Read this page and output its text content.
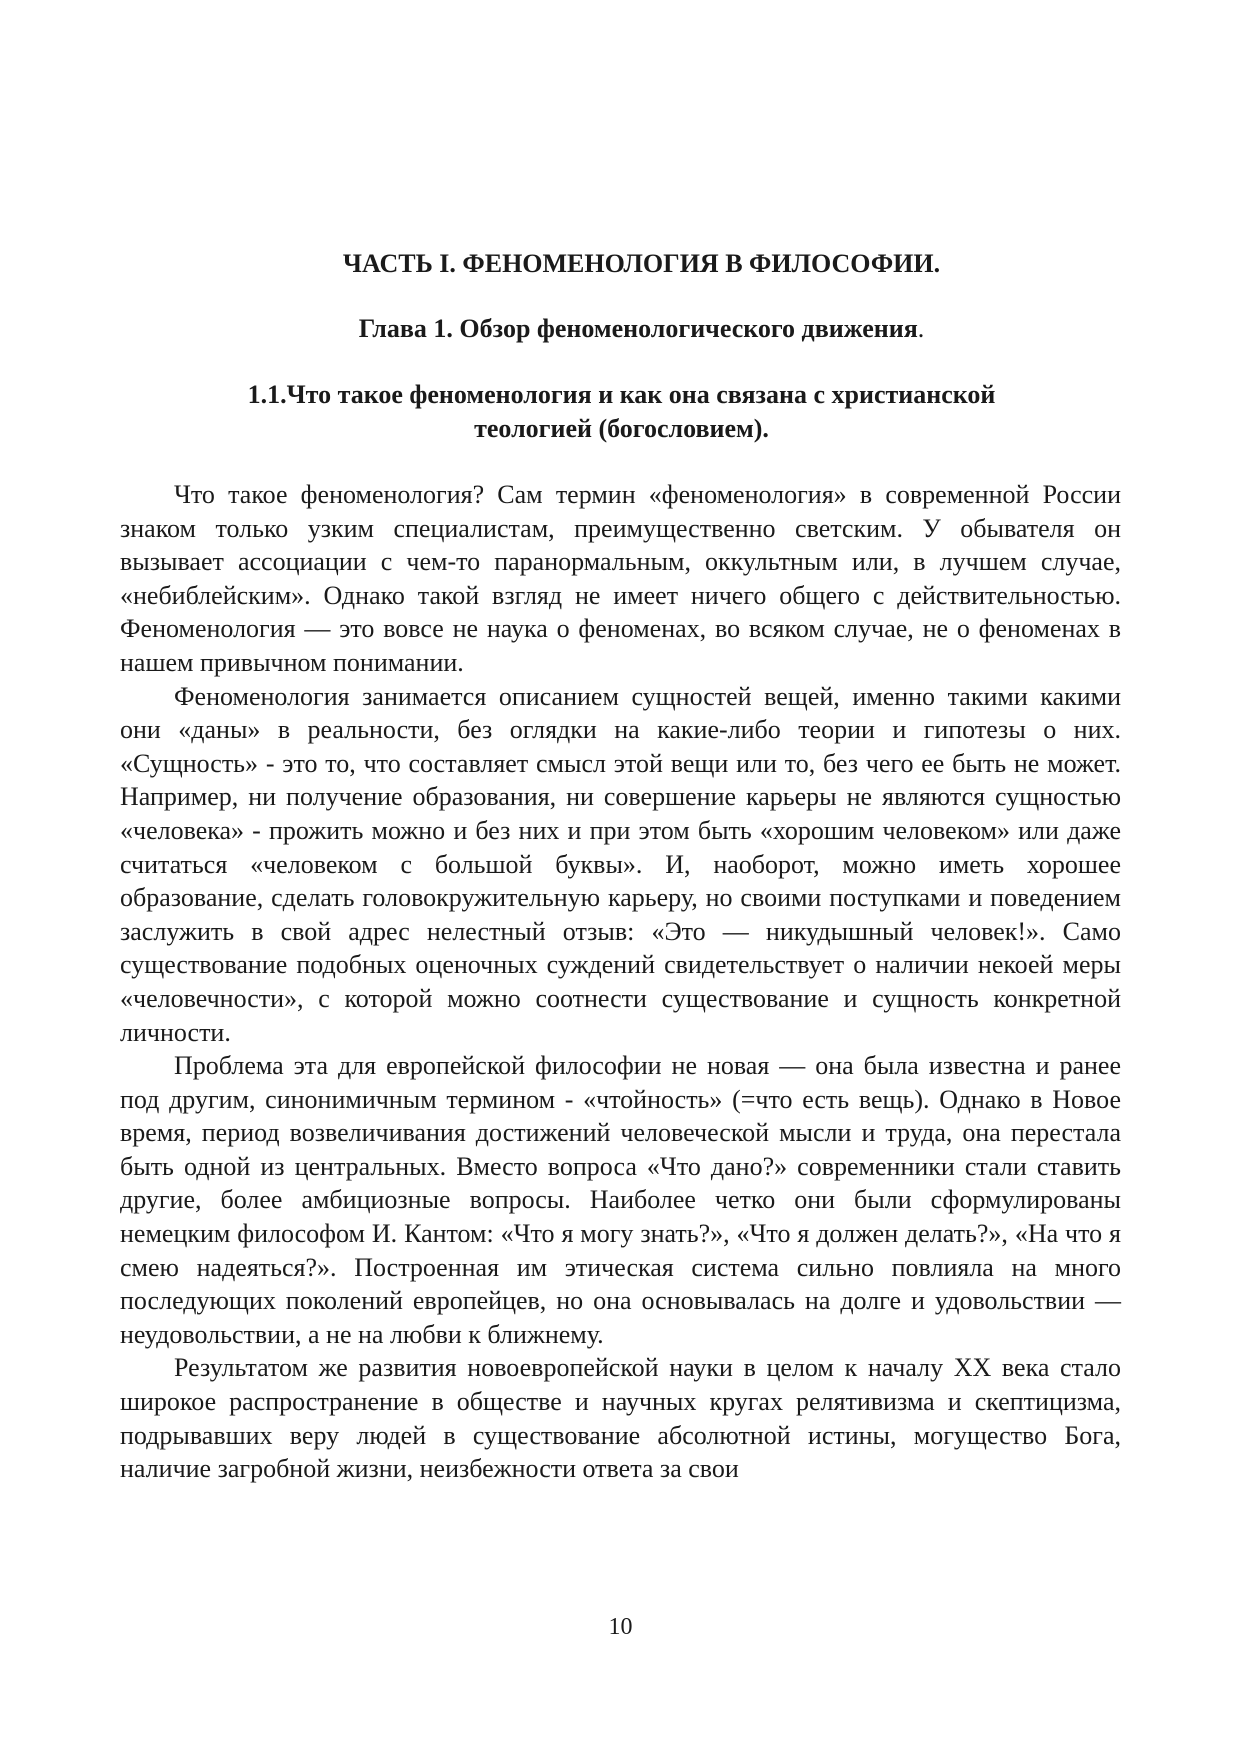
ЧАСТЬ I. ФЕНОМЕНОЛОГИЯ В ФИЛОСОФИИ.
Глава 1. Обзор феноменологического движения.
1.1.Что такое феноменология и как она связана с христианской
теологией (богословием).

Что такое феноменология? Сам термин «феноменология» в современной России знаком только узким специалистам, преимущественно светским. У обывателя он вызывает ассоциации с чем-то паранормальным, оккультным или, в лучшем случае, «небиблейским». Однако такой взгляд не имеет ничего общего с действительностью. Феноменология — это вовсе не наука о феноменах, во всяком случае, не о феноменах в нашем привычном понимании.

Феноменология занимается описанием сущностей вещей, именно такими какими они «даны» в реальности, без оглядки на какие-либо теории и гипотезы о них. «Сущность» - это то, что составляет смысл этой вещи или то, без чего ее быть не может. Например, ни получение образования, ни совершение карьеры не являются сущностью «человека» - прожить можно и без них и при этом быть «хорошим человеком» или даже считаться «человеком с большой буквы». И, наоборот, можно иметь хорошее образование, сделать головокружительную карьеру, но своими поступками и поведением заслужить в свой адрес нелестный отзыв: «Это — никудышный человек!». Само существование подобных оценочных суждений свидетельствует о наличии некоей меры «человечности», с которой можно соотнести существование и сущность конкретной личности.

Проблема эта для европейской философии не новая — она была известна и ранее под другим, синонимичным термином - «чтойность» (=что есть вещь). Однако в Новое время, период возвеличивания достижений человеческой мысли и труда, она перестала быть одной из центральных. Вместо вопроса «Что дано?» современники стали ставить другие, более амбициозные вопросы. Наиболее четко они были сформулированы немецким философом И. Кантом: «Что я могу знать?», «Что я должен делать?», «На что я смею надеяться?». Построенная им этическая система сильно повлияла на много последующих поколений европейцев, но она основывалась на долге и удовольствии — неудовольствии, а не на любви к ближнему.

Результатом же развития новоевропейской науки в целом к началу XX века стало широкое распространение в обществе и научных кругах релятивизма и скептицизма, подрывавших веру людей в существование абсолютной истины, могущество Бога, наличие загробной жизни, неизбежности ответа за свои

10
